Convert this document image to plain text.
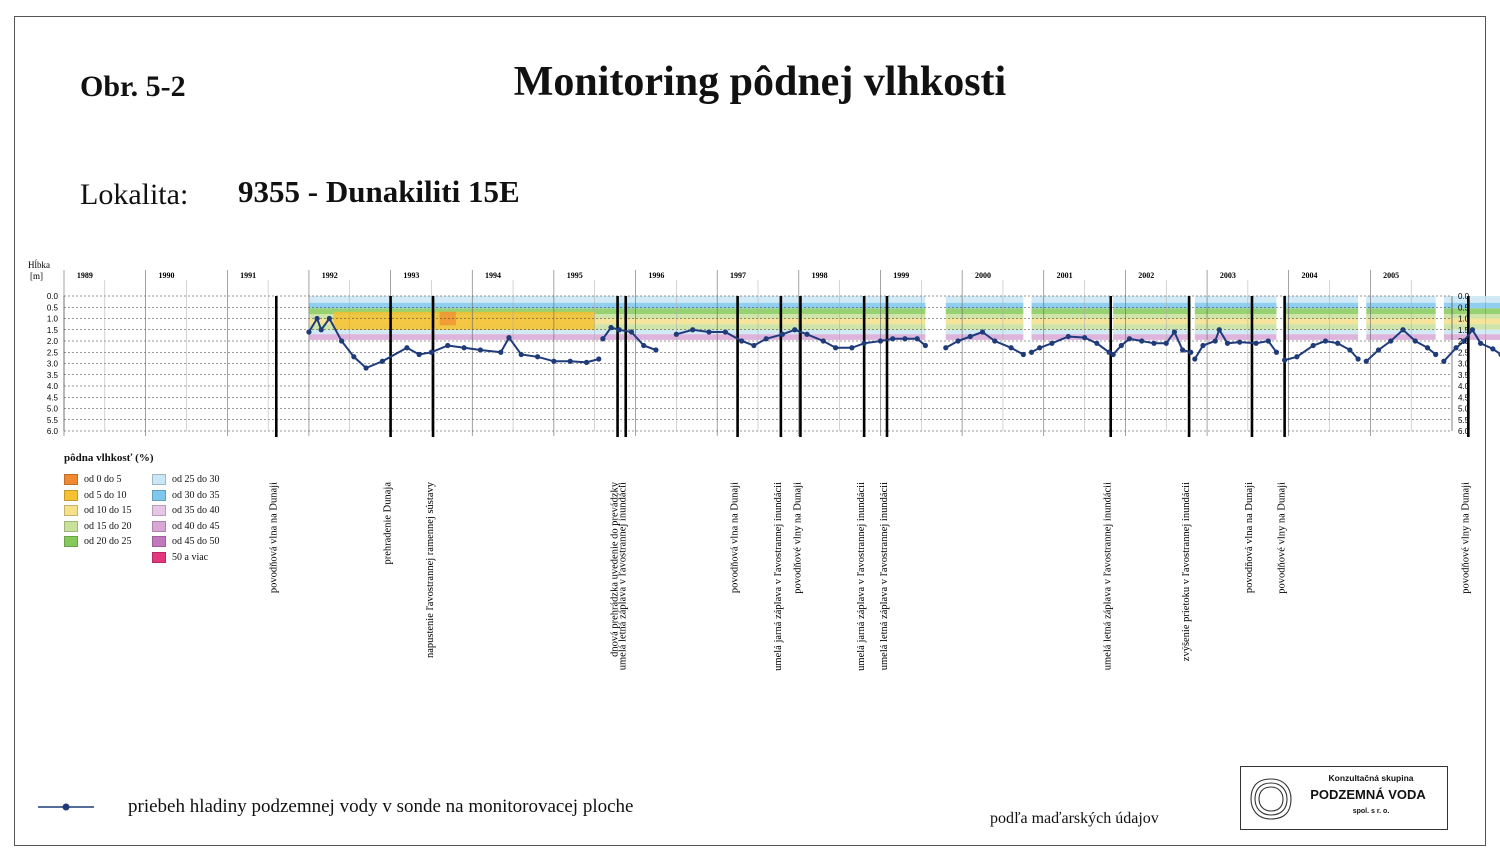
Obr. 5-2	Monitoring pôdnej vlhkosti
Lokalita: 9355 - Dunakiliti 15E
0.0	0.0
0.5	0.5
1.0	1.0
1.5	1.5
2.0	2.0
2.5	2.5
3.0	3.0
3.5	3.5
4.0	4.0
4.5	4.5
5.0	5.0
5.5	5.5
6.0	6.0
1989	1990	1991	1992	1993	1994	1995	1996	1997	1998	1999	2000	2001	2002	2003	2004	2005
Hĺbka
[m]
povodňová vlna na Dunaji	prehradenie Dunaja	napustenie ľavostrannej ramennej sústavy	dnová prehrádzka uvedenie do prevádzky
umelá letná záplava v ľavostrannej inundácii	povodňová vlna na Dunaji	umelá jarná záplava v ľavostrannej inundácii povodňové vlny na Dunaji	umelá jarná záplava v ľavostrannej inundácii umelá letná záplava v ľavostrannej inundácii	umelá letná záplava v ľavostrannej inundácii	zvýšenie prietoku v ľavostrannej inundácii	povodňová vlna na Dunaji povodňové vlny na Dunaji	povodňové vlny na Dunaji
pôdna vlhkosť (%)
od 0 do 5
od 5 do 10
od 10 do 15
od 15 do 20
od 20 do 25
od 25 do 30
od 30 do 35
od 35 do 40
od 40 do 45
od 45 do 50
50 a viac
priebeh hladiny podzemnej vody v sonde na monitorovacej ploche
podľa maďarských údajov
Konzultačná skupina
PODZEMNÁ VODA
spol. s r. o.
